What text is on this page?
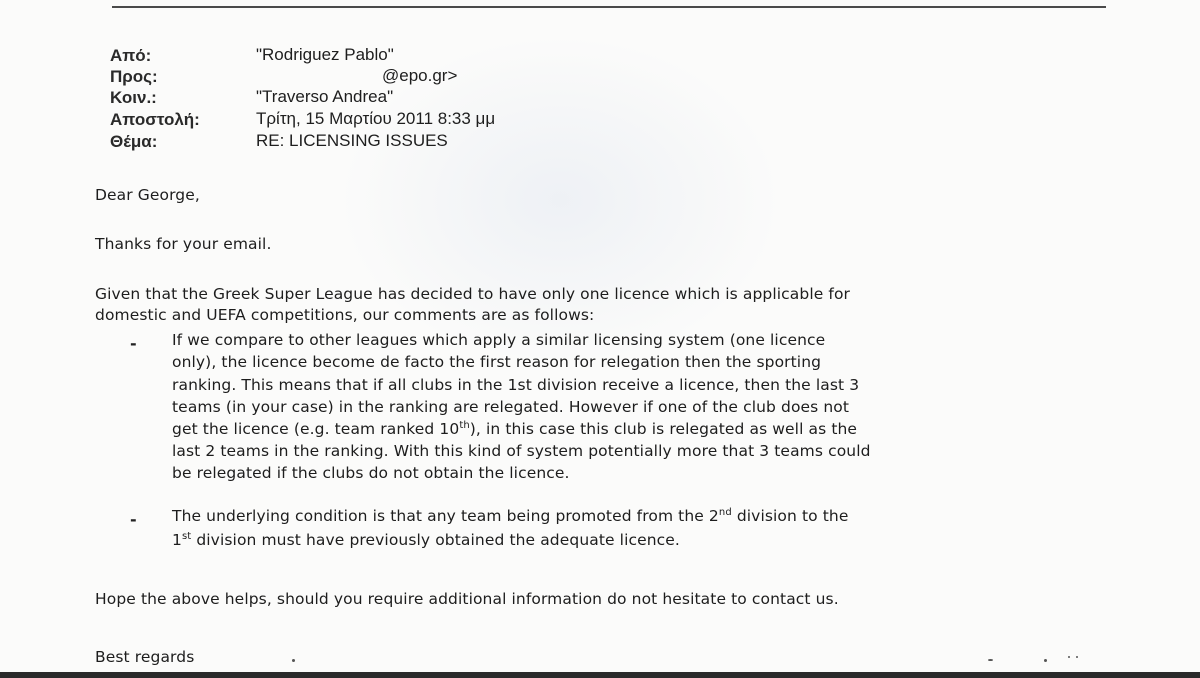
Από:	"Rodriguez Pablo"
Προς:	@epo.gr>
Κοιν.:	"Traverso Andrea"
Αποστολή:	Τρίτη, 15 Μαρτίου 2011 8:33 μμ
Θέμα:	RE: LICENSING ISSUES
Dear George,
Thanks for your email.
Given that the Greek Super League has decided to have only one licence which is applicable for
domestic and UEFA competitions, our comments are as follows:
- If we compare to other leagues which apply a similar licensing system (one licence
only), the licence become de facto the first reason for relegation then the sporting
ranking. This means that if all clubs in the 1st division receive a licence, then the last 3
teams (in your case) in the ranking are relegated. However if one of the club does not
get the licence (e.g. team ranked 10th), in this case this club is relegated as well as the
last 2 teams in the ranking. With this kind of system potentially more that 3 teams could
be relegated if the clubs do not obtain the licence.
- The underlying condition is that any team being promoted from the 2nd division to the
1st division must have previously obtained the adequate licence.
Hope the above helps, should you require additional information do not hesitate to contact us.
Best regards
